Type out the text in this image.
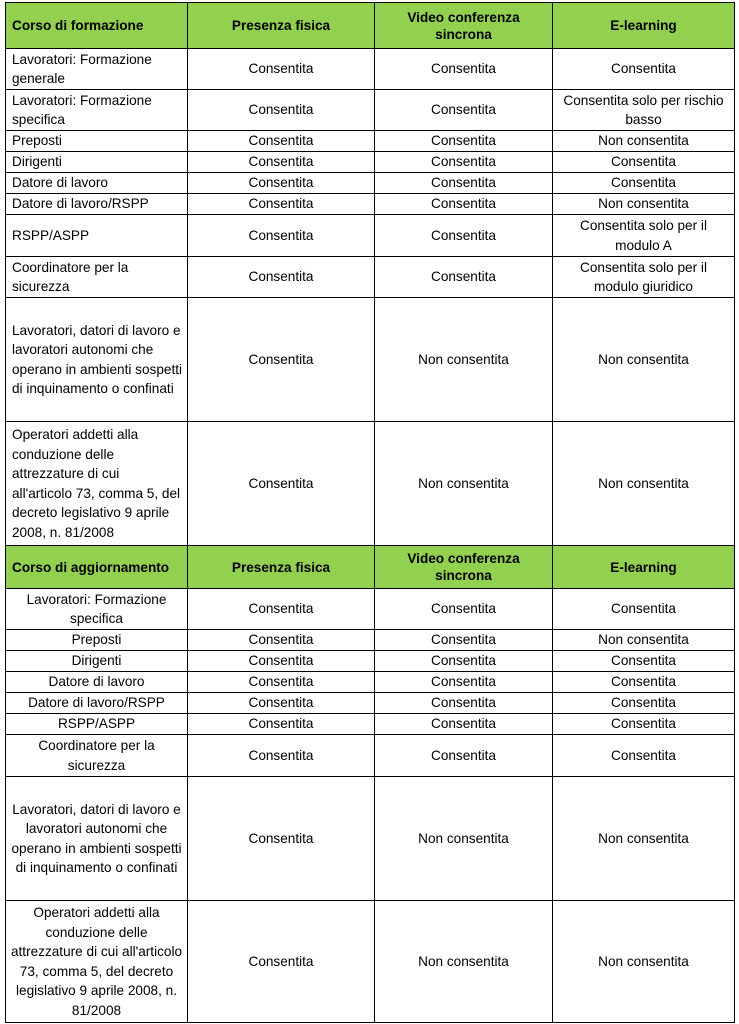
Corso di formazione	Presenza fisica	Video conferenza sincrona	E-learning
Lavoratori: Formazione generale	Consentita	Consentita	Consentita
Lavoratori: Formazione specifica	Consentita	Consentita	Consentita solo per rischio basso
Preposti	Consentita	Consentita	Non consentita
Dirigenti	Consentita	Consentita	Consentita
Datore di lavoro	Consentita	Consentita	Consentita
Datore di lavoro/RSPP	Consentita	Consentita	Non consentita
RSPP/ASPP	Consentita	Consentita	Consentita solo per il modulo A
Coordinatore per la sicurezza	Consentita	Consentita	Consentita solo per il modulo giuridico
Lavoratori, datori di lavoro e lavoratori autonomi che operano in ambienti sospetti di inquinamento o confinati	Consentita	Non consentita	Non consentita
Operatori addetti alla conduzione delle attrezzature di cui all'articolo 73, comma 5, del decreto legislativo 9 aprile 2008, n. 81/2008	Consentita	Non consentita	Non consentita
Corso di aggiornamento	Presenza fisica	Video conferenza sincrona	E-learning
Lavoratori: Formazione specifica	Consentita	Consentita	Consentita
Preposti	Consentita	Consentita	Non consentita
Dirigenti	Consentita	Consentita	Consentita
Datore di lavoro	Consentita	Consentita	Consentita
Datore di lavoro/RSPP	Consentita	Consentita	Consentita
RSPP/ASPP	Consentita	Consentita	Consentita
Coordinatore per la sicurezza	Consentita	Consentita	Consentita
Lavoratori, datori di lavoro e lavoratori autonomi che operano in ambienti sospetti di inquinamento o confinati	Consentita	Non consentita	Non consentita
Operatori addetti alla conduzione delle attrezzature di cui all'articolo 73, comma 5, del decreto legislativo 9 aprile 2008, n. 81/2008	Consentita	Non consentita	Non consentita
